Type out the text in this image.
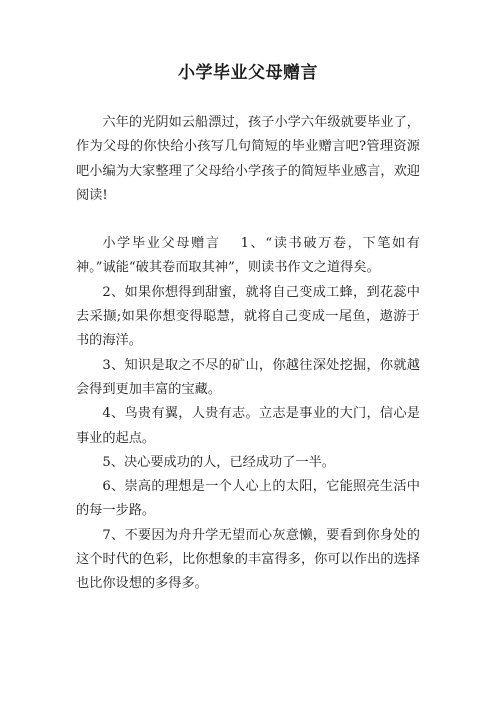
小学毕业父母赠言

六年的光阴如云船漂过，孩子小学六年级就要毕业了，作为父母的你快给小孩写几句简短的毕业赠言吧?管理资源吧小编为大家整理了父母给小学孩子的简短毕业感言，欢迎阅读!

小学毕业父母赠言 1、“读书破万卷，下笔如有神。”诚能“破其卷而取其神”，则读书作文之道得矣。

2、如果你想得到甜蜜，就将自己变成工蜂，到花蕊中去采撷;如果你想变得聪慧，就将自己变成一尾鱼，遨游于书的海洋。

3、知识是取之不尽的矿山，你越往深处挖掘，你就越会得到更加丰富的宝藏。

4、鸟贵有翼，人贵有志。立志是事业的大门，信心是事业的起点。

5、决心要成功的人，已经成功了一半。

6、崇高的理想是一个人心上的太阳，它能照亮生活中的每一步路。

7、不要因为舟升学无望而心灰意懒，要看到你身处的这个时代的色彩，比你想象的丰富得多，你可以作出的选择也比你设想的多得多。
